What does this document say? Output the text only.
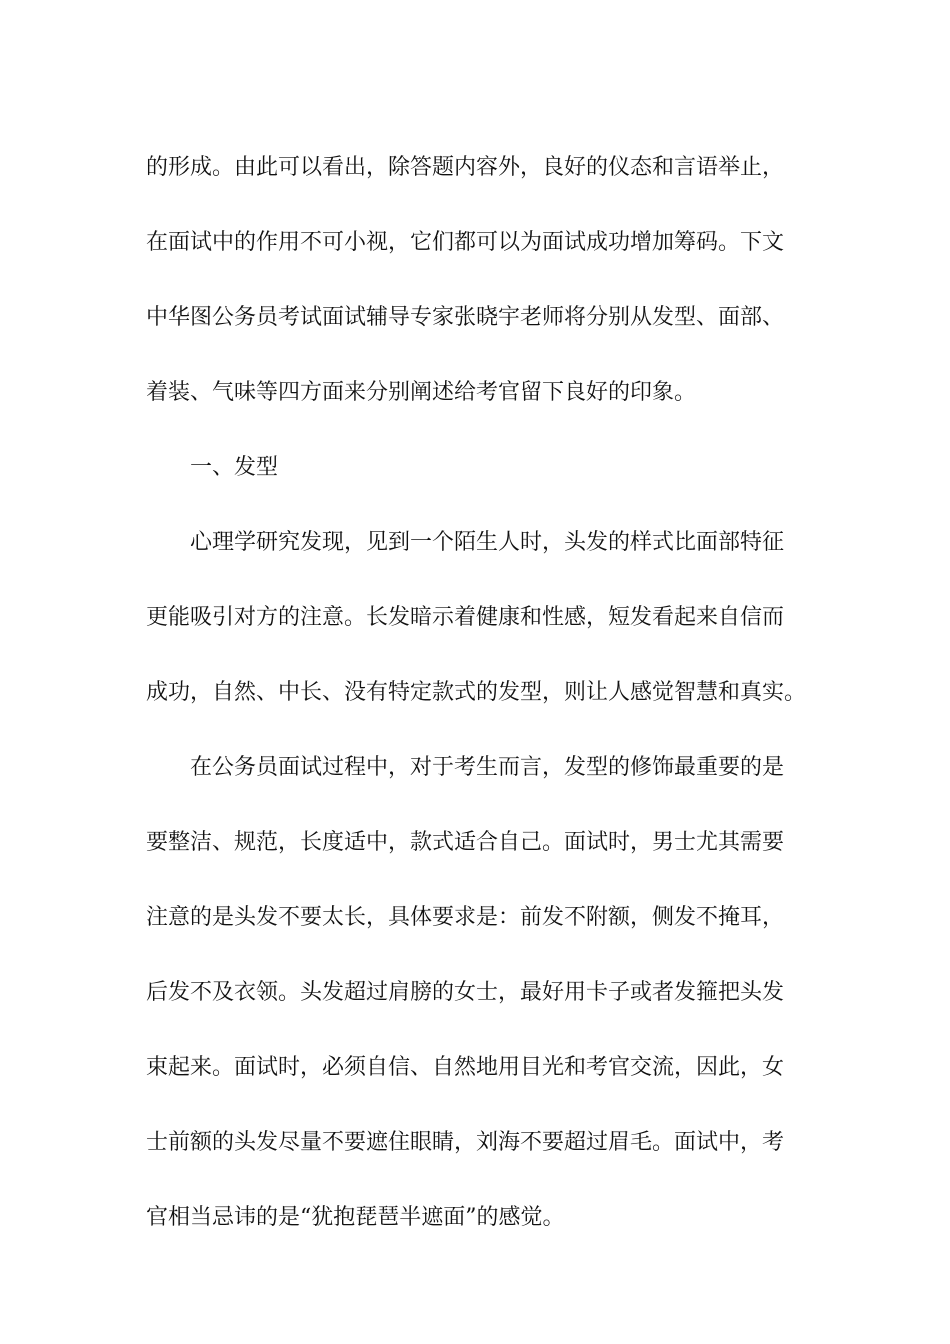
的形成。由此可以看出，除答题内容外，良好的仪态和言语举止，
在面试中的作用不可小视，它们都可以为面试成功增加筹码。下文
中华图公务员考试面试辅导专家张晓宇老师将分别从发型、面部、
着装、气味等四方面来分别阐述给考官留下良好的印象。
一、发型
心理学研究发现，见到一个陌生人时，头发的样式比面部特征
更能吸引对方的注意。长发暗示着健康和性感，短发看起来自信而
成功，自然、中长、没有特定款式的发型，则让人感觉智慧和真实。
在公务员面试过程中，对于考生而言，发型的修饰最重要的是
要整洁、规范，长度适中，款式适合自己。面试时，男士尤其需要
注意的是头发不要太长，具体要求是：前发不附额，侧发不掩耳，
后发不及衣领。头发超过肩膀的女士，最好用卡子或者发箍把头发
束起来。面试时，必须自信、自然地用目光和考官交流，因此，女
士前额的头发尽量不要遮住眼睛，刘海不要超过眉毛。面试中，考
官相当忌讳的是“犹抱琵琶半遮面”的感觉。
